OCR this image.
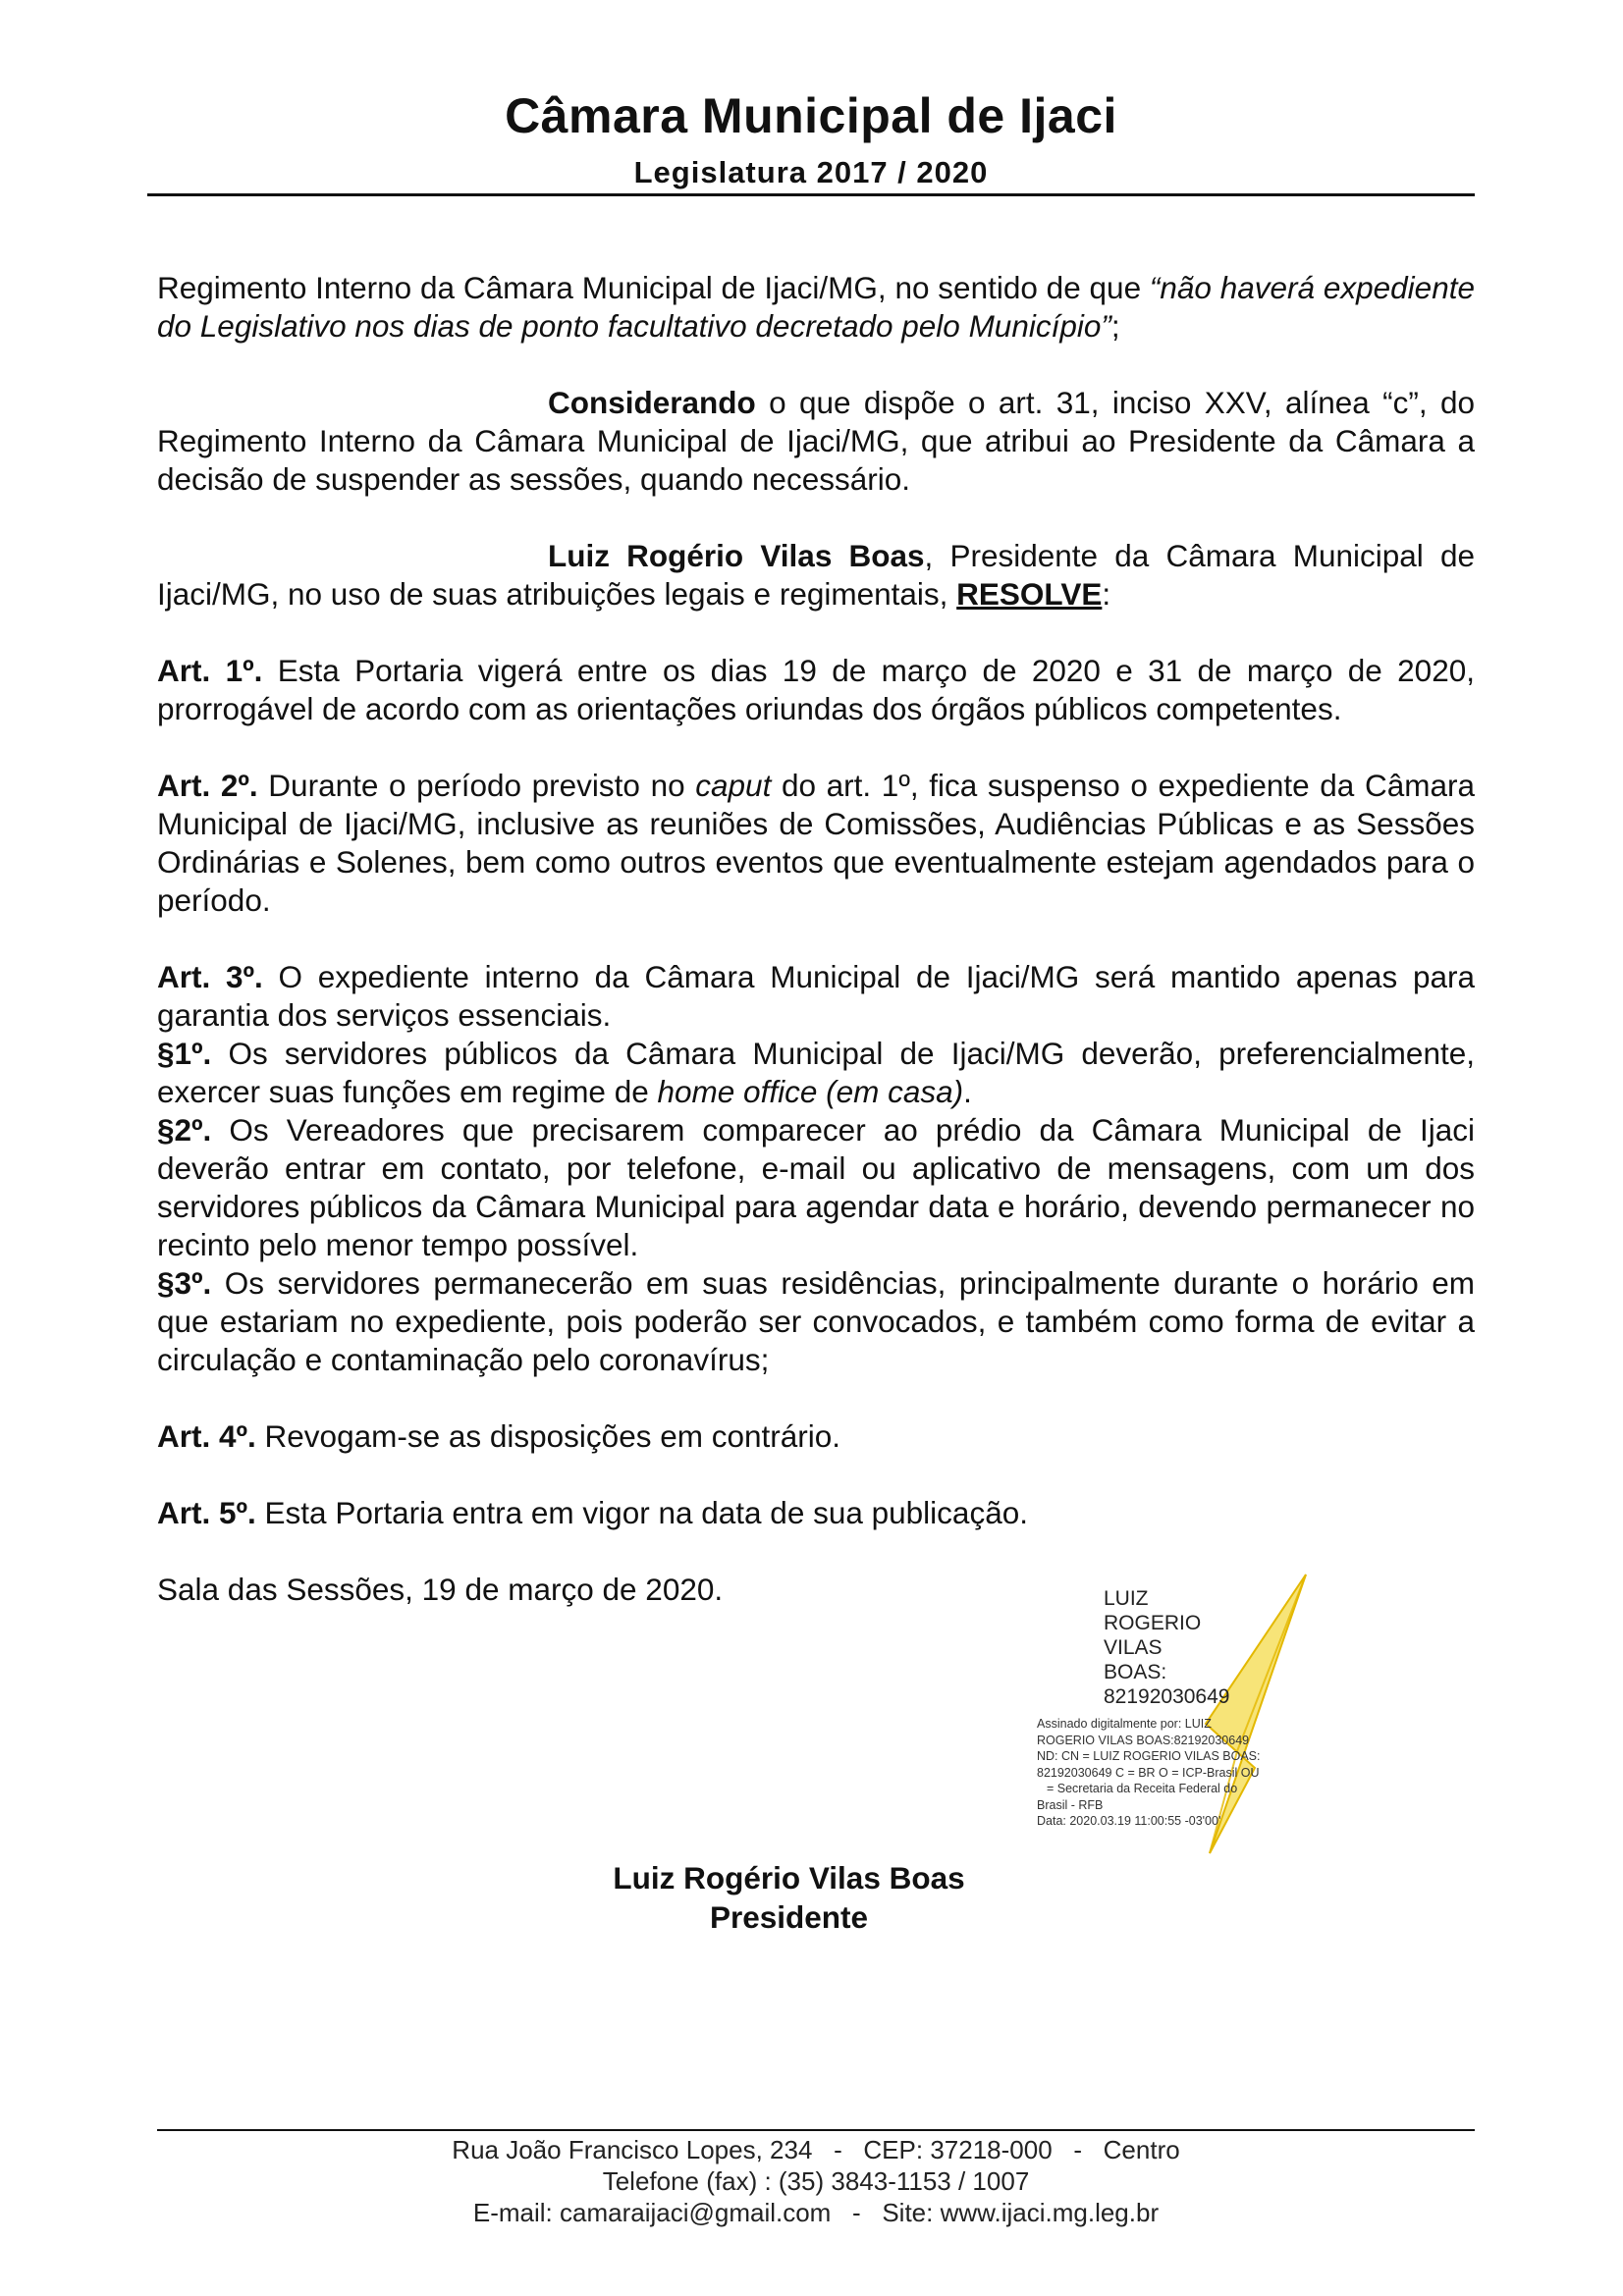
Câmara Municipal de Ijaci
Legislatura 2017 / 2020

Regimento Interno da Câmara Municipal de Ijaci/MG, no sentido de que “não haverá expediente do Legislativo nos dias de ponto facultativo decretado pelo Município”;

Considerando o que dispõe o art. 31, inciso XXV, alínea “c”, do Regimento Interno da Câmara Municipal de Ijaci/MG, que atribui ao Presidente da Câmara a decisão de suspender as sessões, quando necessário.

Luiz Rogério Vilas Boas, Presidente da Câmara Municipal de Ijaci/MG, no uso de suas atribuições legais e regimentais, RESOLVE:

Art. 1º. Esta Portaria vigerá entre os dias 19 de março de 2020 e 31 de março de 2020, prorrogável de acordo com as orientações oriundas dos órgãos públicos competentes.

Art. 2º. Durante o período previsto no caput do art. 1º, fica suspenso o expediente da Câmara Municipal de Ijaci/MG, inclusive as reuniões de Comissões, Audiências Públicas e as Sessões Ordinárias e Solenes, bem como outros eventos que eventualmente estejam agendados para o período.

Art. 3º. O expediente interno da Câmara Municipal de Ijaci/MG será mantido apenas para garantia dos serviços essenciais.

§1º. Os servidores públicos da Câmara Municipal de Ijaci/MG deverão, preferencialmente, exercer suas funções em regime de home office (em casa).

§2º. Os Vereadores que precisarem comparecer ao prédio da Câmara Municipal de Ijaci deverão entrar em contato, por telefone, e-mail ou aplicativo de mensagens, com um dos servidores públicos da Câmara Municipal para agendar data e horário, devendo permanecer no recinto pelo menor tempo possível.

§3º. Os servidores permanecerão em suas residências, principalmente durante o horário em que estariam no expediente, pois poderão ser convocados, e também como forma de evitar a circulação e contaminação pelo coronavírus;

Art. 4º. Revogam-se as disposições em contrário.

Art. 5º. Esta Portaria entra em vigor na data de sua publicação.

Sala das Sessões, 19 de março de 2020.	LUIZ
ROGERIO
VILAS
BOAS:
82192030649
Assinado digitalmente por: LUIZ
ROGERIO VILAS BOAS:82192030649
ND: CN = LUIZ ROGERIO VILAS BOAS:
82192030649 C = BR O = ICP-Brasil OU
= Secretaria da Receita Federal do
Brasil - RFB
Data: 2020.03.19 11:00:55 -03'00'
Luiz Rogério Vilas Boas
Presidente
Rua João Francisco Lopes, 234   -   CEP: 37218-000   -   Centro
Telefone (fax) : (35) 3843-1153 / 1007
E-mail: camaraijaci@gmail.com   -   Site: www.ijaci.mg.leg.br
